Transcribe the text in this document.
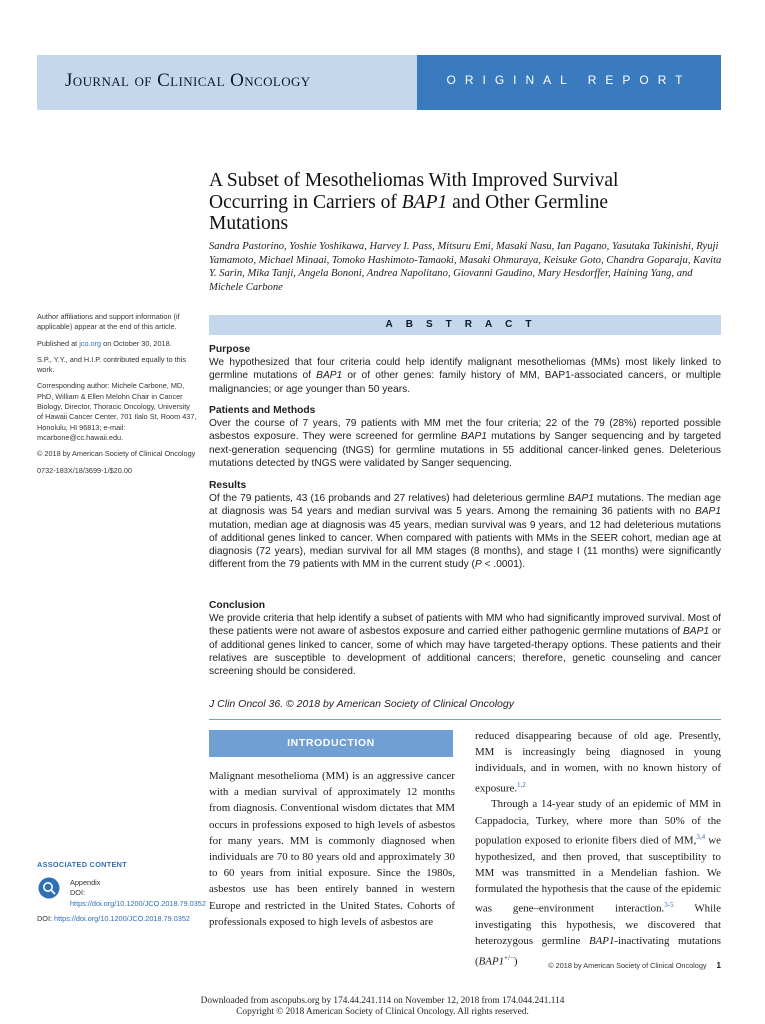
Journal of Clinical Oncology	ORIGINAL REPORT
A Subset of Mesotheliomas With Improved Survival Occurring in Carriers of BAP1 and Other Germline Mutations
Sandra Pastorino, Yoshie Yoshikawa, Harvey I. Pass, Mitsuru Emi, Masaki Nasu, Ian Pagano, Yasutaka Takinishi, Ryuji Yamamoto, Michael Minaai, Tomoko Hashimoto-Tamaoki, Masaki Ohmuraya, Keisuke Goto, Chandra Goparaju, Kavita Y. Sarin, Mika Tanji, Angela Bononi, Andrea Napolitano, Giovanni Gaudino, Mary Hesdorffer, Haining Yang, and Michele Carbone

Author affiliations and support information (if applicable) appear at the end of this article.

Published at jco.org on October 30, 2018.

S.P., Y.Y., and H.I.P. contributed equally to this work.

Corresponding author: Michele Carbone, MD, PhD, William & Ellen Melohn Chair in Cancer Biology, Director, Thoracic Oncology, University of Hawaii Cancer Center, 701 Ilalo St, Room 437, Honolulu, HI 96813; e-mail: mcarbone@cc.hawaii.edu.

© 2018 by American Society of Clinical Oncology

0732-183X/18/3699-1/$20.00

ABSTRACT

Purpose

We hypothesized that four criteria could help identify malignant mesotheliomas (MMs) most likely linked to germline mutations of BAP1 or of other genes: family history of MM, BAP1-associated cancers, or multiple malignancies; or age younger than 50 years.

Patients and Methods

Over the course of 7 years, 79 patients with MM met the four criteria; 22 of the 79 (28%) reported possible asbestos exposure. They were screened for germline BAP1 mutations by Sanger sequencing and by targeted next-generation sequencing (tNGS) for germline mutations in 55 additional cancer-linked genes. Deleterious mutations detected by tNGS were validated by Sanger sequencing.

Results

Of the 79 patients, 43 (16 probands and 27 relatives) had deleterious germline BAP1 mutations. The median age at diagnosis was 54 years and median survival was 5 years. Among the remaining 36 patients with no BAP1 mutation, median age at diagnosis was 45 years, median survival was 9 years, and 12 had deleterious mutations of additional genes linked to cancer. When compared with patients with MMs in the SEER cohort, median age at diagnosis (72 years), median survival for all MM stages (8 months), and stage I (11 months) were significantly different from the 79 patients with MM in the current study (P < .0001).

Conclusion

We provide criteria that help identify a subset of patients with MM who had significantly improved survival. Most of these patients were not aware of asbestos exposure and carried either pathogenic germline mutations of BAP1 or of additional genes linked to cancer, some of which may have targeted-therapy options. These patients and their relatives are susceptible to development of additional cancers; therefore, genetic counseling and cancer screening should be considered.

J Clin Oncol 36. © 2018 by American Society of Clinical Oncology
INTRODUCTION

Malignant mesothelioma (MM) is an aggressive cancer with a median survival of approximately 12 months from diagnosis. Conventional wisdom dictates that MM occurs in professions exposed to high levels of asbestos for many years. MM is commonly diagnosed when individuals are 70 to 80 years old and approximately 30 to 60 years from initial exposure. Since the 1980s, asbestos use has been entirely banned in western Europe and restricted in the United States. Cohorts of professionals exposed to high levels of asbestos are

reduced disappearing because of old age. Presently, MM is increasingly being diagnosed in young individuals, and in women, with no known history of exposure.$^{1,2}$

Through a 14-year study of an epidemic of MM in Cappadocia, Turkey, where more than 50% of the population exposed to erionite fibers died of MM,$^{3,4}$ we hypothesized, and then proved, that susceptibility to MM was transmitted in a Mendelian fashion. We formulated the hypothesis that the cause of the epidemic was gene–environment interaction.$^{3-5}$ While investigating this hypothesis, we discovered that heterozygous germline BAP1-inactivating mutations (BAP1+/−)

ASSOCIATED CONTENT
Appendix
DOI: https://doi.org/10.1200/JCO.2018.79.0352
DOI: https://doi.org/10.1200/JCO.2018.79.0352
© 2018 by American Society of Clinical Oncology 1
Downloaded from ascopubs.org by 174.44.241.114 on November 12, 2018 from 174.044.241.114
Copyright © 2018 American Society of Clinical Oncology. All rights reserved.
